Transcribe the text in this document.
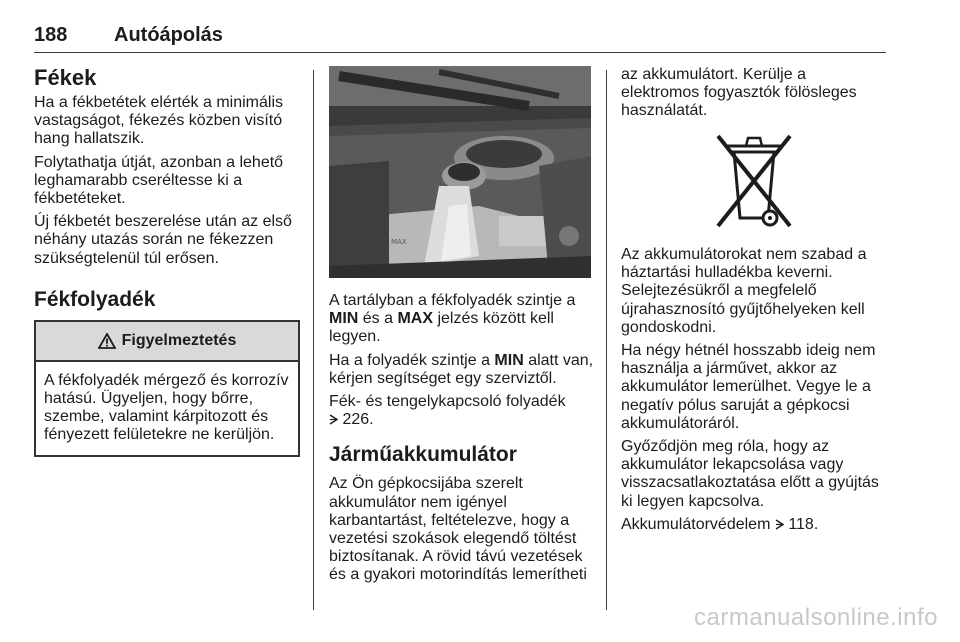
188 Autóápolás
Fékek

Ha a fékbetétek elérték a minimális vastagságot, fékezés közben visító hang hallatszik.

Folytathatja útját, azonban a lehető leghamarabb cseréltesse ki a fékbetéteket.

Új fékbetét beszerelése után az első néhány utazás során ne fékezzen szükségtelenül túl erősen.

Fékfolyadék
Figyelmeztetés
A fékfolyadék mérgező és korrozív hatású. Ügyeljen, hogy bőrre, szembe, valamint kárpitozott és fényezett felületekre ne kerüljön.
MAX

A tartályban a fékfolyadék szintje a MIN és a MAX jelzés között kell legyen.

Ha a folyadék szintje a MIN alatt van, kérjen segítséget egy szerviztől.

Fék- és tengelykapcsoló folyadék
226.

Járműakkumulátor

Az Ön gépkocsijába szerelt akkumulátor nem igényel karbantartást, feltételezve, hogy a vezetési szokások elegendő töltést biztosítanak. A rövid távú vezetések és a gyakori motorindítás lemerítheti

az akkumulátort. Kerülje a elektromos fogyasztók fölösleges használatát.

Az akkumulátorokat nem szabad a háztartási hulladékba keverni. Selejtezésükről a megfelelő újrahasznosító gyűjtőhelyeken kell gondoskodni.

Ha négy hétnél hosszabb ideig nem használja a járművet, akkor az akkumulátor lemerülhet. Vegye le a negatív pólus saruját a gépkocsi akkumulátoráról.

Győződjön meg róla, hogy az akkumulátor lekapcsolása vagy visszacsatlakoztatása előtt a gyújtás ki legyen kapcsolva.

Akkumulátorvédelem 118.

carmanualsonline.info
